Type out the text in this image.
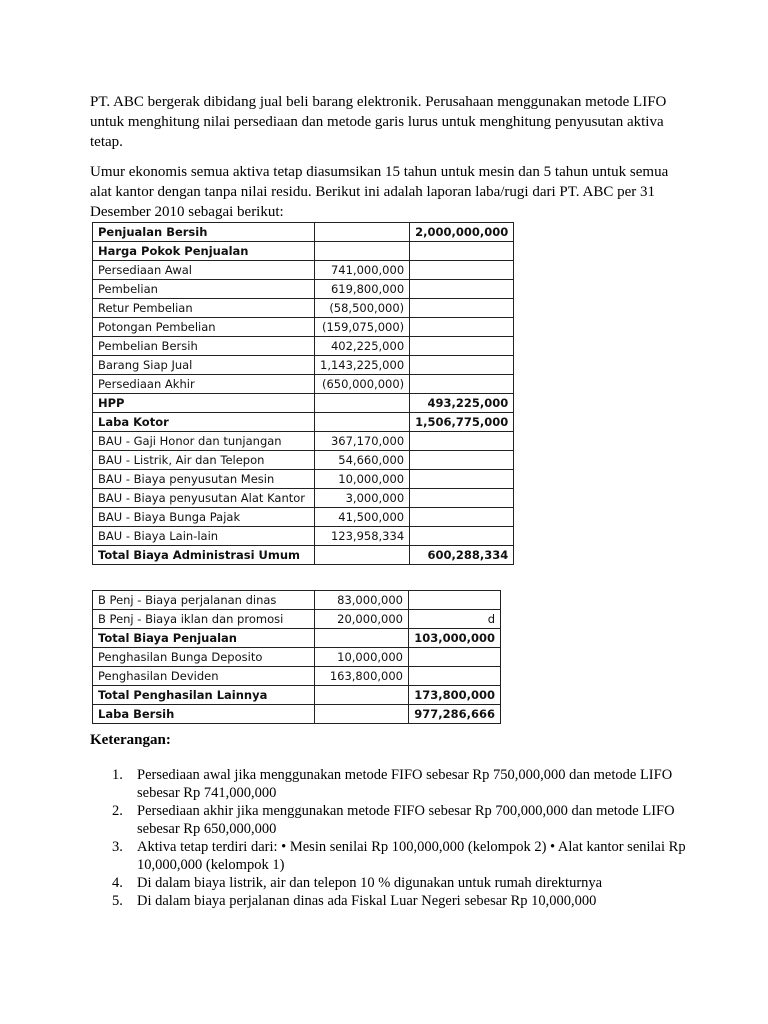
PT. ABC bergerak dibidang jual beli barang elektronik. Perusahaan menggunakan metode LIFO untuk menghitung nilai persediaan dan metode garis lurus untuk menghitung penyusutan aktiva tetap.
Umur ekonomis semua aktiva tetap diasumsikan 15 tahun untuk mesin dan 5 tahun untuk semua alat kantor dengan tanpa nilai residu. Berikut ini adalah laporan laba/rugi dari PT. ABC per 31 Desember 2010 sebagai berikut:
Penjualan Bersih		2,000,000,000
Harga Pokok Penjualan		
Persediaan Awal	741,000,000	
Pembelian	619,800,000	
Retur Pembelian	(58,500,000)	
Potongan Pembelian	(159,075,000)	
Pembelian Bersih	402,225,000	
Barang Siap Jual	1,143,225,000	
Persediaan Akhir	(650,000,000)	
HPP		493,225,000
Laba Kotor		1,506,775,000
BAU - Gaji Honor dan tunjangan	367,170,000	
BAU - Listrik, Air dan Telepon	54,660,000	
BAU - Biaya penyusutan Mesin	10,000,000	
BAU - Biaya penyusutan Alat Kantor	3,000,000	
BAU - Biaya Bunga Pajak	41,500,000	
BAU - Biaya Lain-lain	123,958,334	
Total Biaya Administrasi Umum		600,288,334
B Penj - Biaya perjalanan dinas	83,000,000	
B Penj - Biaya iklan dan promosi	20,000,000	d
Total Biaya Penjualan		103,000,000
Penghasilan Bunga Deposito	10,000,000	
Penghasilan Deviden	163,800,000	
Total Penghasilan Lainnya		173,800,000
Laba Bersih		977,286,666
Keterangan:
1. Persediaan awal jika menggunakan metode FIFO sebesar Rp 750,000,000 dan metode LIFO sebesar Rp 741,000,000
2. Persediaan akhir jika menggunakan metode FIFO sebesar Rp 700,000,000 dan metode LIFO sebesar Rp 650,000,000
3. Aktiva tetap terdiri dari: • Mesin senilai Rp 100,000,000 (kelompok 2) • Alat kantor senilai Rp 10,000,000 (kelompok 1)
4. Di dalam biaya listrik, air dan telepon 10 % digunakan untuk rumah direkturnya
5. Di dalam biaya perjalanan dinas ada Fiskal Luar Negeri sebesar Rp 10,000,000
